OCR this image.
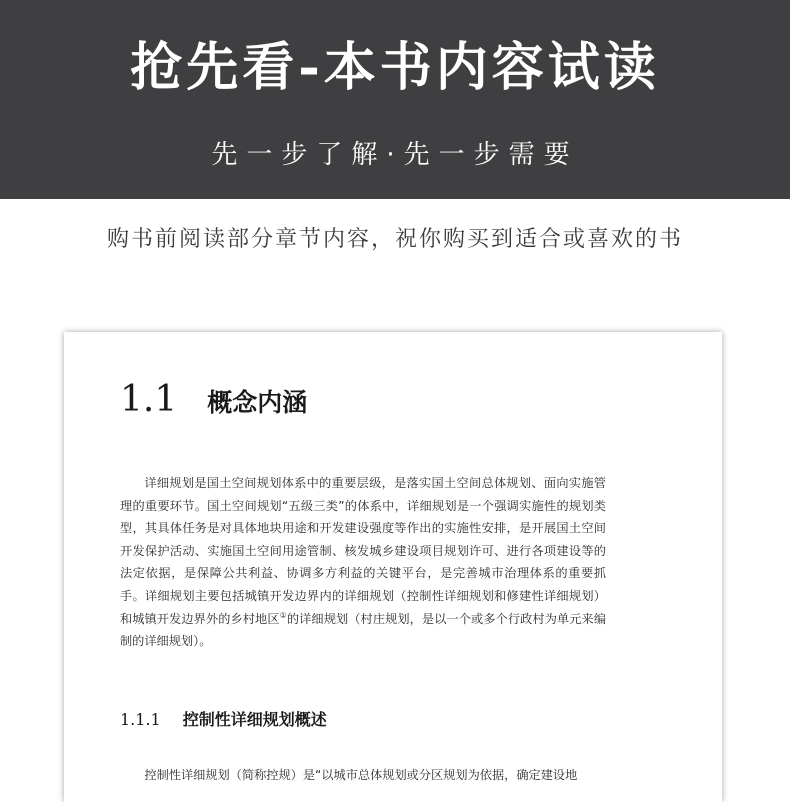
抢先看-本书内容试读
先一步了解·先一步需要
购书前阅读部分章节内容，祝你购买到适合或喜欢的书
1.1 概念内涵

详细规划是国土空间规划体系中的重要层级，是落实国土空间总体规划、面向实施管理的重要环节。国土空间规划“五级三类”的体系中，详细规划是一个强调实施性的规划类型，其具体任务是对具体地块用途和开发建设强度等作出的实施性安排，是开展国土空间开发保护活动、实施国土空间用途管制、核发城乡建设项目规划许可、进行各项建设等的法定依据，是保障公共利益、协调多方利益的关键平台，是完善城市治理体系的重要抓手。详细规划主要包括城镇开发边界内的详细规划（控制性详细规划和修建性详细规划）和城镇开发边界外的乡村地区①的详细规划（村庄规划，是以一个或多个行政村为单元来编制的详细规划）。

1.1.1 控制性详细规划概述

控制性详细规划（简称控规）是“以城市总体规划或分区规划为依据，确定建设地
